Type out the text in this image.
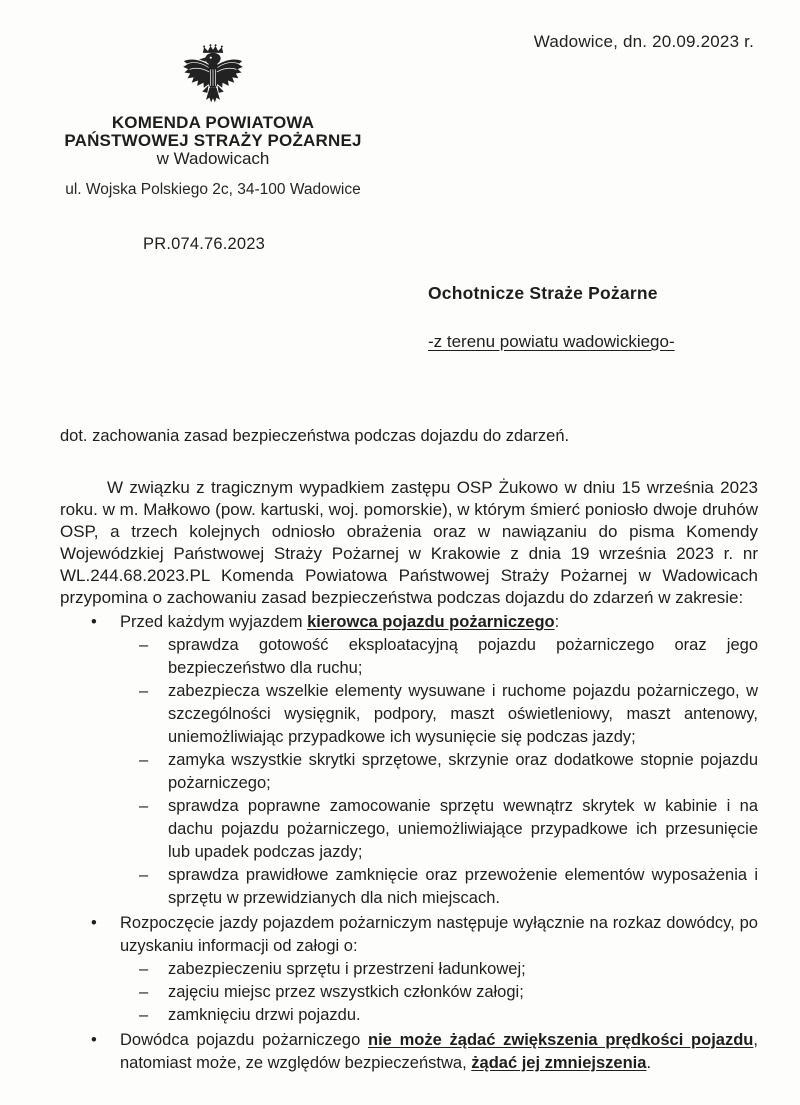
Wadowice, dn. 20.09.2023 r.
KOMENDA POWIATOWA
PAŃSTWOWEJ STRAŻY POŻARNEJ
w Wadowicach
ul. Wojska Polskiego 2c, 34-100 Wadowice
PR.074.76.2023
Ochotnicze Straże Pożarne
-z terenu powiatu wadowickiego-
dot. zachowania zasad bezpieczeństwa podczas dojazdu do zdarzeń.

W związku z tragicznym wypadkiem zastępu OSP Żukowo w dniu 15 września 2023 roku. w m. Małkowo (pow. kartuski, woj. pomorskie), w którym śmierć poniosło dwoje druhów OSP, a trzech kolejnych odniosło obrażenia oraz w nawiązaniu do pisma Komendy Wojewódzkiej Państwowej Straży Pożarnej w Krakowie z dnia 19 września 2023 r. nr WL.244.68.2023.PL Komenda Powiatowa Państwowej Straży Pożarnej w Wadowicach przypomina o zachowaniu zasad bezpieczeństwa podczas dojazdu do zdarzeń w zakresie:

• Przed każdym wyjazdem kierowca pojazdu pożarniczego:
– sprawdza gotowość eksploatacyjną pojazdu pożarniczego oraz jego bezpieczeństwo dla ruchu;
– zabezpiecza wszelkie elementy wysuwane i ruchome pojazdu pożarniczego, w szczególności wysięgnik, podpory, maszt oświetleniowy, maszt antenowy, uniemożliwiając przypadkowe ich wysunięcie się podczas jazdy;
– zamyka wszystkie skrytki sprzętowe, skrzynie oraz dodatkowe stopnie pojazdu pożarniczego;
– sprawdza poprawne zamocowanie sprzętu wewnątrz skrytek w kabinie i na dachu pojazdu pożarniczego, uniemożliwiające przypadkowe ich przesunięcie lub upadek podczas jazdy;
– sprawdza prawidłowe zamknięcie oraz przewożenie elementów wyposażenia i sprzętu w przewidzianych dla nich miejscach.
• Rozpoczęcie jazdy pojazdem pożarniczym następuje wyłącznie na rozkaz dowódcy, po uzyskaniu informacji od załogi o:
– zabezpieczeniu sprzętu i przestrzeni ładunkowej;
– zajęciu miejsc przez wszystkich członków załogi;
– zamknięciu drzwi pojazdu.
• Dowódca pojazdu pożarniczego nie może żądać zwiększenia prędkości pojazdu, natomiast może, ze względów bezpieczeństwa, żądać jej zmniejszenia.
